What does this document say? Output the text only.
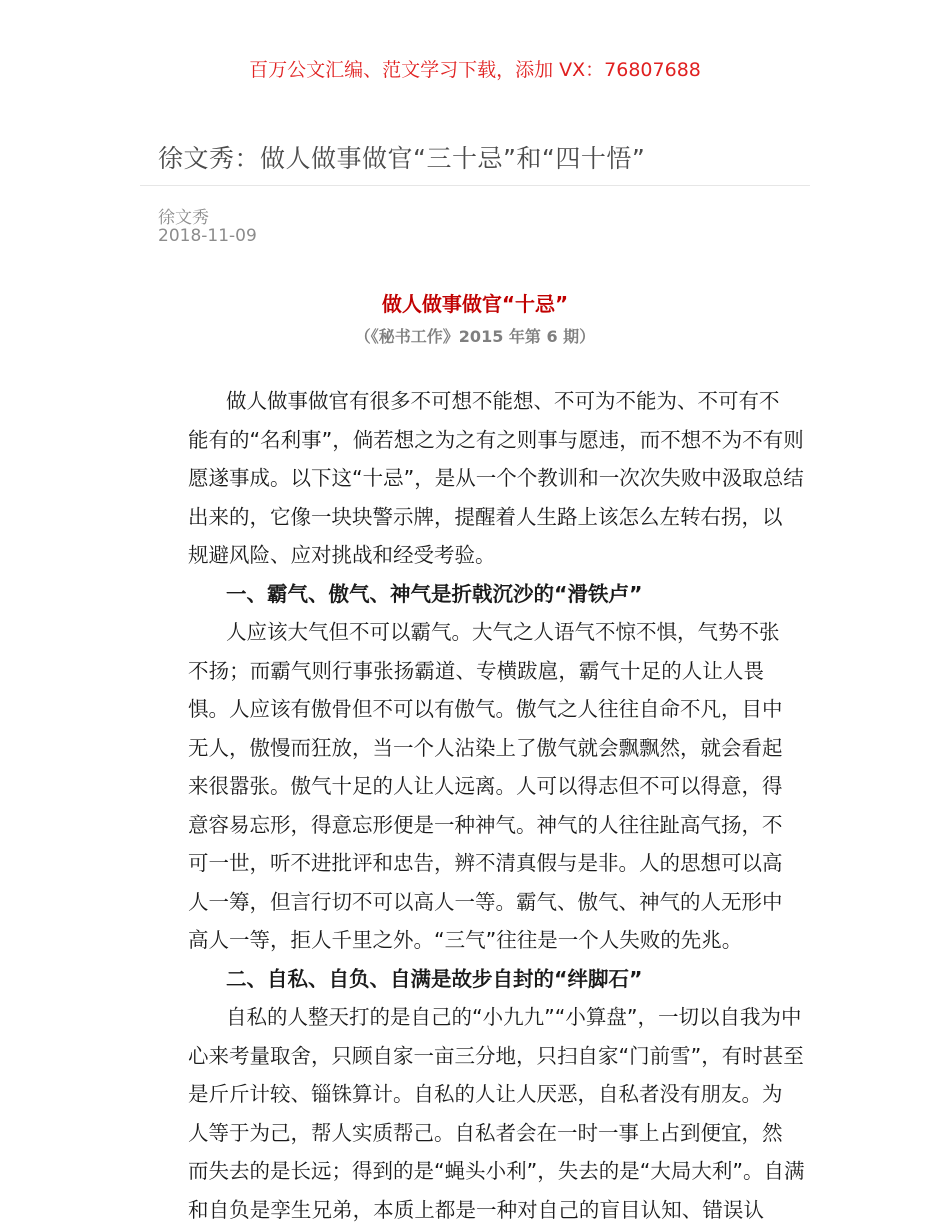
百万公文汇编、范文学习下载，添加 VX：76807688
徐文秀：做人做事做官“三十忌”和“四十悟”
徐文秀
2018-11-09
做人做事做官“十忌”
（《秘书工作》2015 年第 6 期）
做人做事做官有很多不可想不能想、不可为不能为、不可有不
能有的“名利事”，倘若想之为之有之则事与愿违，而不想不为不有则
愿遂事成。以下这“十忌”，是从一个个教训和一次次失败中汲取总结
出来的，它像一块块警示牌，提醒着人生路上该怎么左转右拐，以
规避风险、应对挑战和经受考验。
一、霸气、傲气、神气是折戟沉沙的“滑铁卢”
人应该大气但不可以霸气。大气之人语气不惊不惧，气势不张
不扬；而霸气则行事张扬霸道、专横跋扈，霸气十足的人让人畏
惧。人应该有傲骨但不可以有傲气。傲气之人往往自命不凡，目中
无人，傲慢而狂放，当一个人沾染上了傲气就会飘飘然，就会看起
来很嚣张。傲气十足的人让人远离。人可以得志但不可以得意，得
意容易忘形，得意忘形便是一种神气。神气的人往往趾高气扬，不
可一世，听不进批评和忠告，辨不清真假与是非。人的思想可以高
人一筹，但言行切不可以高人一等。霸气、傲气、神气的人无形中
高人一等，拒人千里之外。“三气”往往是一个人失败的先兆。
二、自私、自负、自满是故步自封的“绊脚石”
自私的人整天打的是自己的“小九九”“小算盘”，一切以自我为中
心来考量取舍，只顾自家一亩三分地，只扫自家“门前雪”，有时甚至
是斤斤计较、锱铢算计。自私的人让人厌恶，自私者没有朋友。为
人等于为己，帮人实质帮己。自私者会在一时一事上占到便宜，然
而失去的是长远；得到的是“蝇头小利”，失去的是“大局大利”。自满
和自负是孪生兄弟，本质上都是一种对自己的盲目认知、错误认
